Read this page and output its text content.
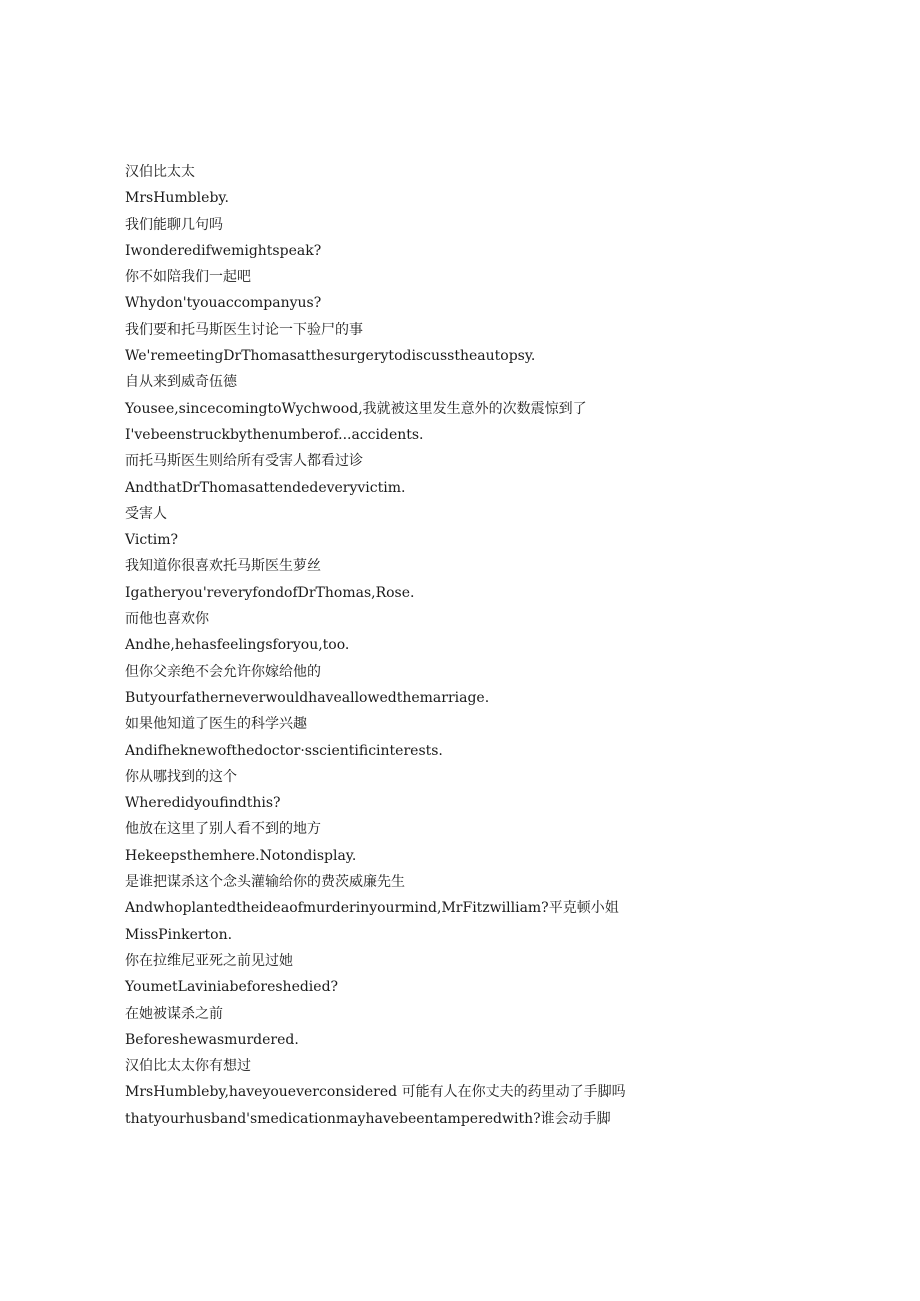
汉伯比太太
MrsHumbleby.
我们能聊几句吗
Iwonderedifwemightspeak?
你不如陪我们一起吧
Whydon'tyouaccompanyus?
我们要和托马斯医生讨论一下验尸的事
We'remeetingDrThomasatthesurgerytodiscusstheautopsy.
自从来到威奇伍德
Yousee,sincecomingtoWychwood,我就被这里发生意外的次数震惊到了
I'vebeenstruckbythenumberof...accidents.
而托马斯医生则给所有受害人都看过诊
AndthatDrThomasattendedeveryvictim.
受害人
Victim?
我知道你很喜欢托马斯医生萝丝
Igatheryou'reveryfondofDrThomas,Rose.
而他也喜欢你
Andhe,hehasfeelingsforyou,too.
但你父亲绝不会允许你嫁给他的
Butyourfatherneverwouldhaveallowedthemarriage.
如果他知道了医生的科学兴趣
Andifheknewofthedoctor·sscientificinterests.
你从哪找到的这个
Wheredidyoufindthis?
他放在这里了别人看不到的地方
Hekeepsthemhere.Notondisplay.
是谁把谋杀这个念头灌输给你的费茨威廉先生
Andwhoplantedtheideaofmurderinyourmind,MrFitzwilliam?平克顿小姐
MissPinkerton.
你在拉维尼亚死之前见过她
YoumetLaviniabeforeshedied?
在她被谋杀之前
Beforeshewasmurdered.
汉伯比太太你有想过
MrsHumbleby,haveyoueverconsidered 可能有人在你丈夫的药里动了手脚吗
thatyourhusband'smedicationmayhavebeentamperedwith?谁会动手脚
